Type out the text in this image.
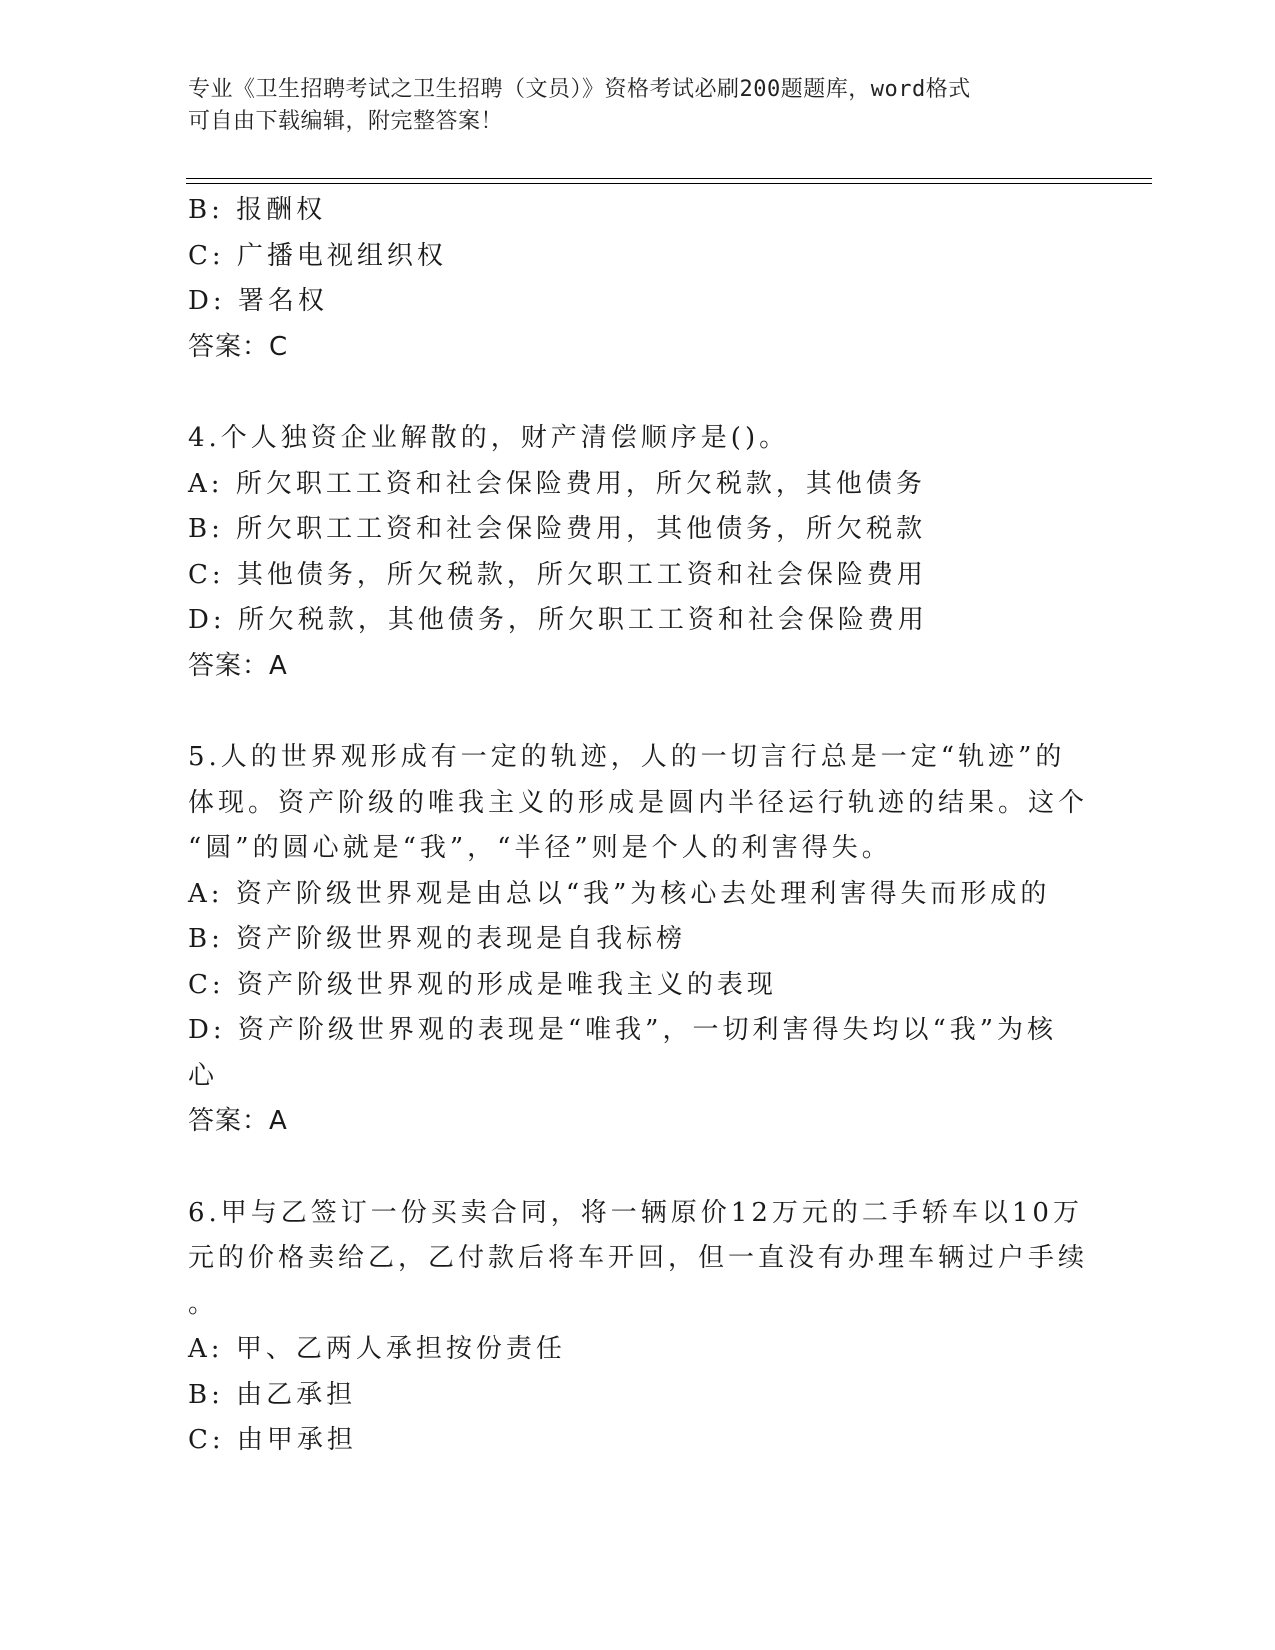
专业《卫生招聘考试之卫生招聘（文员）》资格考试必刷200题题库，word格式
可自由下载编辑，附完整答案！
B: 报酬权
C: 广播电视组织权
D: 署名权
答案：C
4.个人独资企业解散的，财产清偿顺序是()。
A: 所欠职工工资和社会保险费用，所欠税款，其他债务
B: 所欠职工工资和社会保险费用，其他债务，所欠税款
C: 其他债务，所欠税款，所欠职工工资和社会保险费用
D: 所欠税款，其他债务，所欠职工工资和社会保险费用
答案：A
5.人的世界观形成有一定的轨迹，人的一切言行总是一定“轨迹”的
体现。资产阶级的唯我主义的形成是圆内半径运行轨迹的结果。这个
“圆”的圆心就是“我”，“半径”则是个人的利害得失。
A: 资产阶级世界观是由总以“我”为核心去处理利害得失而形成的
B: 资产阶级世界观的表现是自我标榜
C: 资产阶级世界观的形成是唯我主义的表现
D: 资产阶级世界观的表现是“唯我”，一切利害得失均以“我”为核
心
答案：A
6.甲与乙签订一份买卖合同，将一辆原价12万元的二手轿车以10万
元的价格卖给乙，乙付款后将车开回，但一直没有办理车辆过户手续
。
A: 甲、乙两人承担按份责任
B: 由乙承担
C: 由甲承担
